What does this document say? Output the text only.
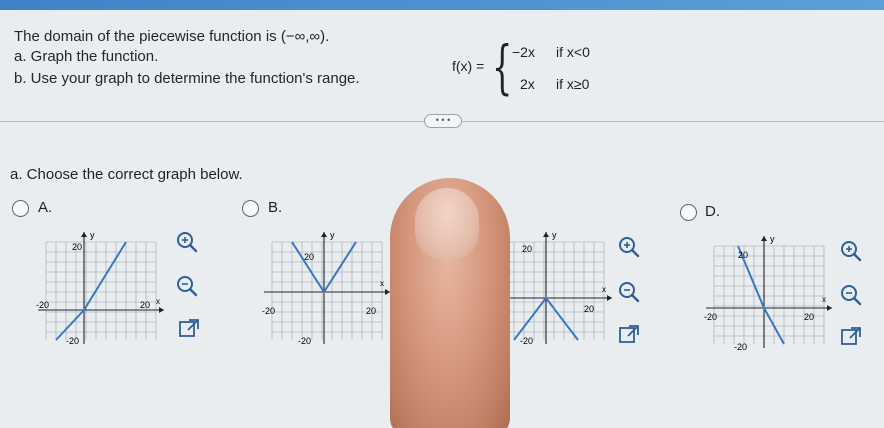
The domain of the piecewise function is (−∞,∞).
a. Graph the function.
b. Use your graph to determine the function's range.
f(x) = { −2x if x<0
2x if x≥0
• • •
a. Choose the correct graph below.
A.	B.	D.
y
x
20
-20	20
-20
y
x
20
-20	20
-20
y
x
20
20
-20
y
x
20
-20	20
-20
